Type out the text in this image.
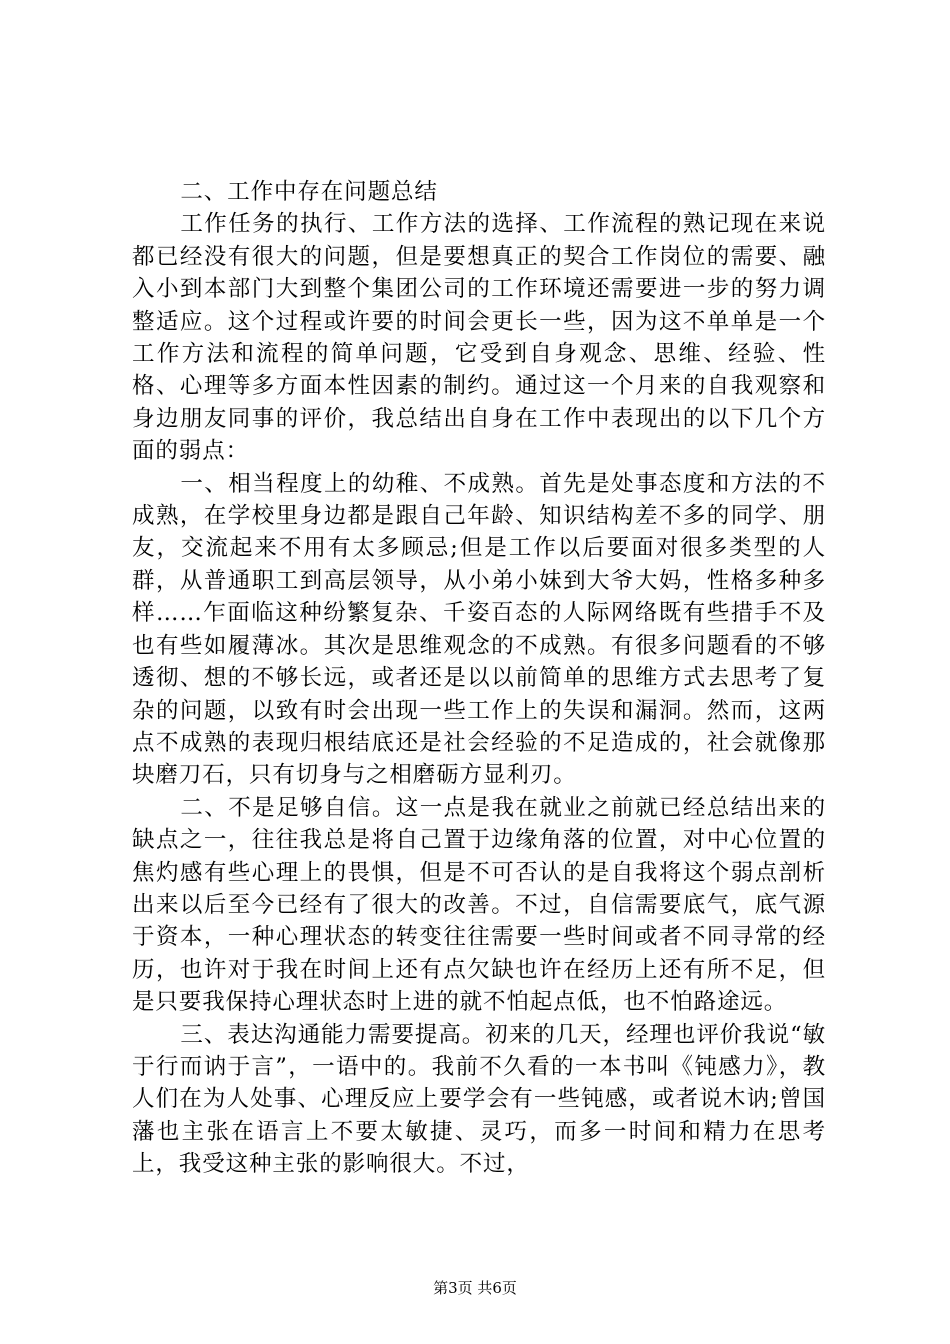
二、工作中存在问题总结

工作任务的执行、工作方法的选择、工作流程的熟记现在来说都已经没有很大的问题，但是要想真正的契合工作岗位的需要、融入小到本部门大到整个集团公司的工作环境还需要进一步的努力调整适应。这个过程或许要的时间会更长一些，因为这不单单是一个工作方法和流程的简单问题，它受到自身观念、思维、经验、性格、心理等多方面本性因素的制约。通过这一个月来的自我观察和身边朋友同事的评价，我总结出自身在工作中表现出的以下几个方面的弱点：

一、相当程度上的幼稚、不成熟。首先是处事态度和方法的不成熟，在学校里身边都是跟自己年龄、知识结构差不多的同学、朋友，交流起来不用有太多顾忌;但是工作以后要面对很多类型的人群，从普通职工到高层领导，从小弟小妹到大爷大妈，性格多种多样……乍面临这种纷繁复杂、千姿百态的人际网络既有些措手不及也有些如履薄冰。其次是思维观念的不成熟。有很多问题看的不够透彻、想的不够长远，或者还是以以前简单的思维方式去思考了复杂的问题，以致有时会出现一些工作上的失误和漏洞。然而，这两点不成熟的表现归根结底还是社会经验的不足造成的，社会就像那块磨刀石，只有切身与之相磨砺方显利刃。

二、不是足够自信。这一点是我在就业之前就已经总结出来的缺点之一，往往我总是将自己置于边缘角落的位置，对中心位置的焦灼感有些心理上的畏惧，但是不可否认的是自我将这个弱点剖析出来以后至今已经有了很大的改善。不过，自信需要底气，底气源于资本，一种心理状态的转变往往需要一些时间或者不同寻常的经历，也许对于我在时间上还有点欠缺也许在经历上还有所不足，但是只要我保持心理状态时上进的就不怕起点低，也不怕路途远。

三、表达沟通能力需要提高。初来的几天，经理也评价我说“敏于行而讷于言”，一语中的。我前不久看的一本书叫《钝感力》，教人们在为人处事、心理反应上要学会有一些钝感，或者说木讷;曾国藩也主张在语言上不要太敏捷、灵巧，而多一时间和精力在思考上，我受这种主张的影响很大。不过，

第3页 共6页
